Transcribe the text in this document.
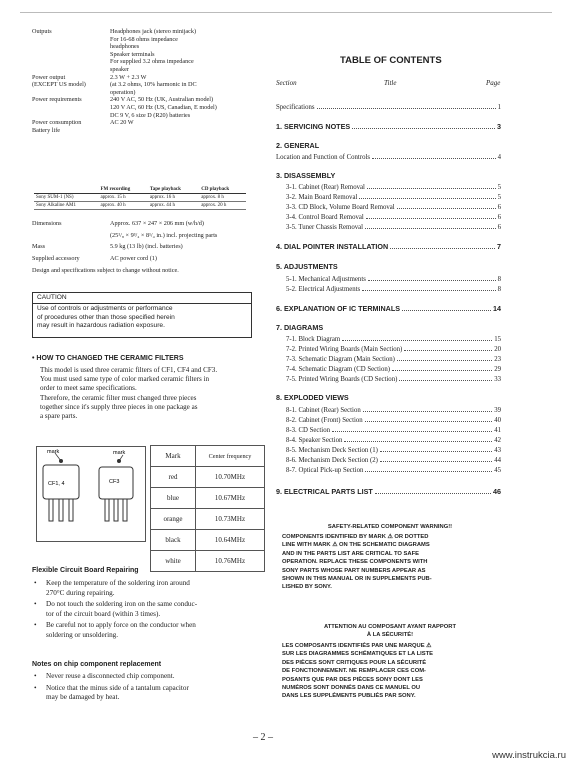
Outputs	Headphones jack (stereo minijack)
For 16-68 ohms impedance
headphones
Speaker terminals
For supplied 3.2 ohms impedance
speaker
Power output	2.3 W + 2.3 W
(EXCEPT US model)	(at 3.2 ohms, 10% harmonic in DC
operation)
Power requirements	240 V AC, 50 Hz (UK, Australian model)
120 V AC, 60 Hz (US, Canadian, E model)
DC 9 V, 6 size D (R20) batteries
Power consumption	AC 20 W
Battery life
	FM recording	Tape playback	CD playback
Sony SUM-1 (NS)	approx. 15 h	approx. 16 h	approx. 8 h
Sony Alkaline AM1	approx. 40 h	approx. 44 h	approx. 20 h
Dimensions	Approx. 637 × 247 × 206 mm (w/h/d)
(25¹/₈ × 9³/₄ × 8¹/₄ in.) incl. projecting parts
Mass	5.9 kg (13 lb) (incl. batteries)
Supplied accessory	AC power cord (1)
Design and specifications subject to change without notice.
CAUTION
Use of controls or adjustments or performance
of procedures other than those specified herein
may result in hazardous radiation exposure.
• HOW TO CHANGED THE CERAMIC FILTERS
This model is used three ceramic filters of CF1, CF4 and CF3.
You must used same type of color marked ceramic filters in
order to meet same specifications.
Therefore, the ceramic filter must changed three pieces
together since it's supply three pieces in one package as
a spare parts.
mark	mark
CF1, 4	CF3
Mark	Center frequency
red	10.70MHz
blue	10.67MHz
orange	10.73MHz
black	10.64MHz
white	10.76MHz
Flexible Circuit Board Repairing
• Keep the temperature of the soldering iron around
270°C during repairing.
• Do not touch the soldering iron on the same conduc-
tor of the circuit board (within 3 times).
• Be careful not to apply force on the conductor when
soldering or unsoldering.
Notes on chip component replacement
• Never reuse a disconnected chip component.
• Notice that the minus side of a tantalum capacitor
may be damaged by heat.
TABLE OF CONTENTS
Section	Title	Page
Specifications	1
1. SERVICING NOTES	3
2. GENERAL
Location and Function of Controls	4
3. DISASSEMBLY
3-1. Cabinet (Rear) Removal	5
3-2. Main Board Removal	5
3-3. CD Block, Volume Board Removal	6
3-4. Control Board Removal	6
3-5. Tuner Chassis Removal	6
4. DIAL POINTER INSTALLATION	7
5. ADJUSTMENTS
5-1. Mechanical Adjustments	8
5-2. Electrical Adjustments	8
6. EXPLANATION OF IC TERMINALS	14
7. DIAGRAMS
7-1. Block Diagram	15
7-2. Printed Wiring Boards (Main Section)	20
7-3. Schematic Diagram (Main Section)	23
7-4. Schematic Diagram (CD Section)	29
7-5. Printed Wiring Boards (CD Section)	33
8. EXPLODED VIEWS
8-1. Cabinet (Rear) Section	39
8-2. Cabinet (Front) Section	40
8-3. CD Section	41
8-4. Speaker Section	42
8-5. Mechanism Deck Section (1)	43
8-6. Mechanism Deck Section (2)	44
8-7. Optical Pick-up Section	45
9. ELECTRICAL PARTS LIST	46
SAFETY-RELATED COMPONENT WARNING!!
COMPONENTS IDENTIFIED BY MARK ⚠ OR DOTTED
LINE WITH MARK ⚠ ON THE SCHEMATIC DIAGRAMS
AND IN THE PARTS LIST ARE CRITICAL TO SAFE
OPERATION. REPLACE THESE COMPONENTS WITH
SONY PARTS WHOSE PART NUMBERS APPEAR AS
SHOWN IN THIS MANUAL OR IN SUPPLEMENTS PUB-
LISHED BY SONY.
ATTENTION AU COMPOSANT AYANT RAPPORT
À LA SÉCURITÉ!
LES COMPOSANTS IDENTIFIÉS PAR UNE MARQUE ⚠
SUR LES DIAGRAMMES SCHÉMATIQUES ET LA LISTE
DES PIÈCES SONT CRITIQUES POUR LA SÉCURITÉ
DE FONCTIONNEMENT. NE REMPLACER CES COM-
POSANTS QUE PAR DES PIÈCES SONY DONT LES
NUMÉROS SONT DONNÉS DANS CE MANUEL OU
DANS LES SUPPLÉMENTS PUBLIÉS PAR SONY.
– 2 –
www.instrukcia.ru
